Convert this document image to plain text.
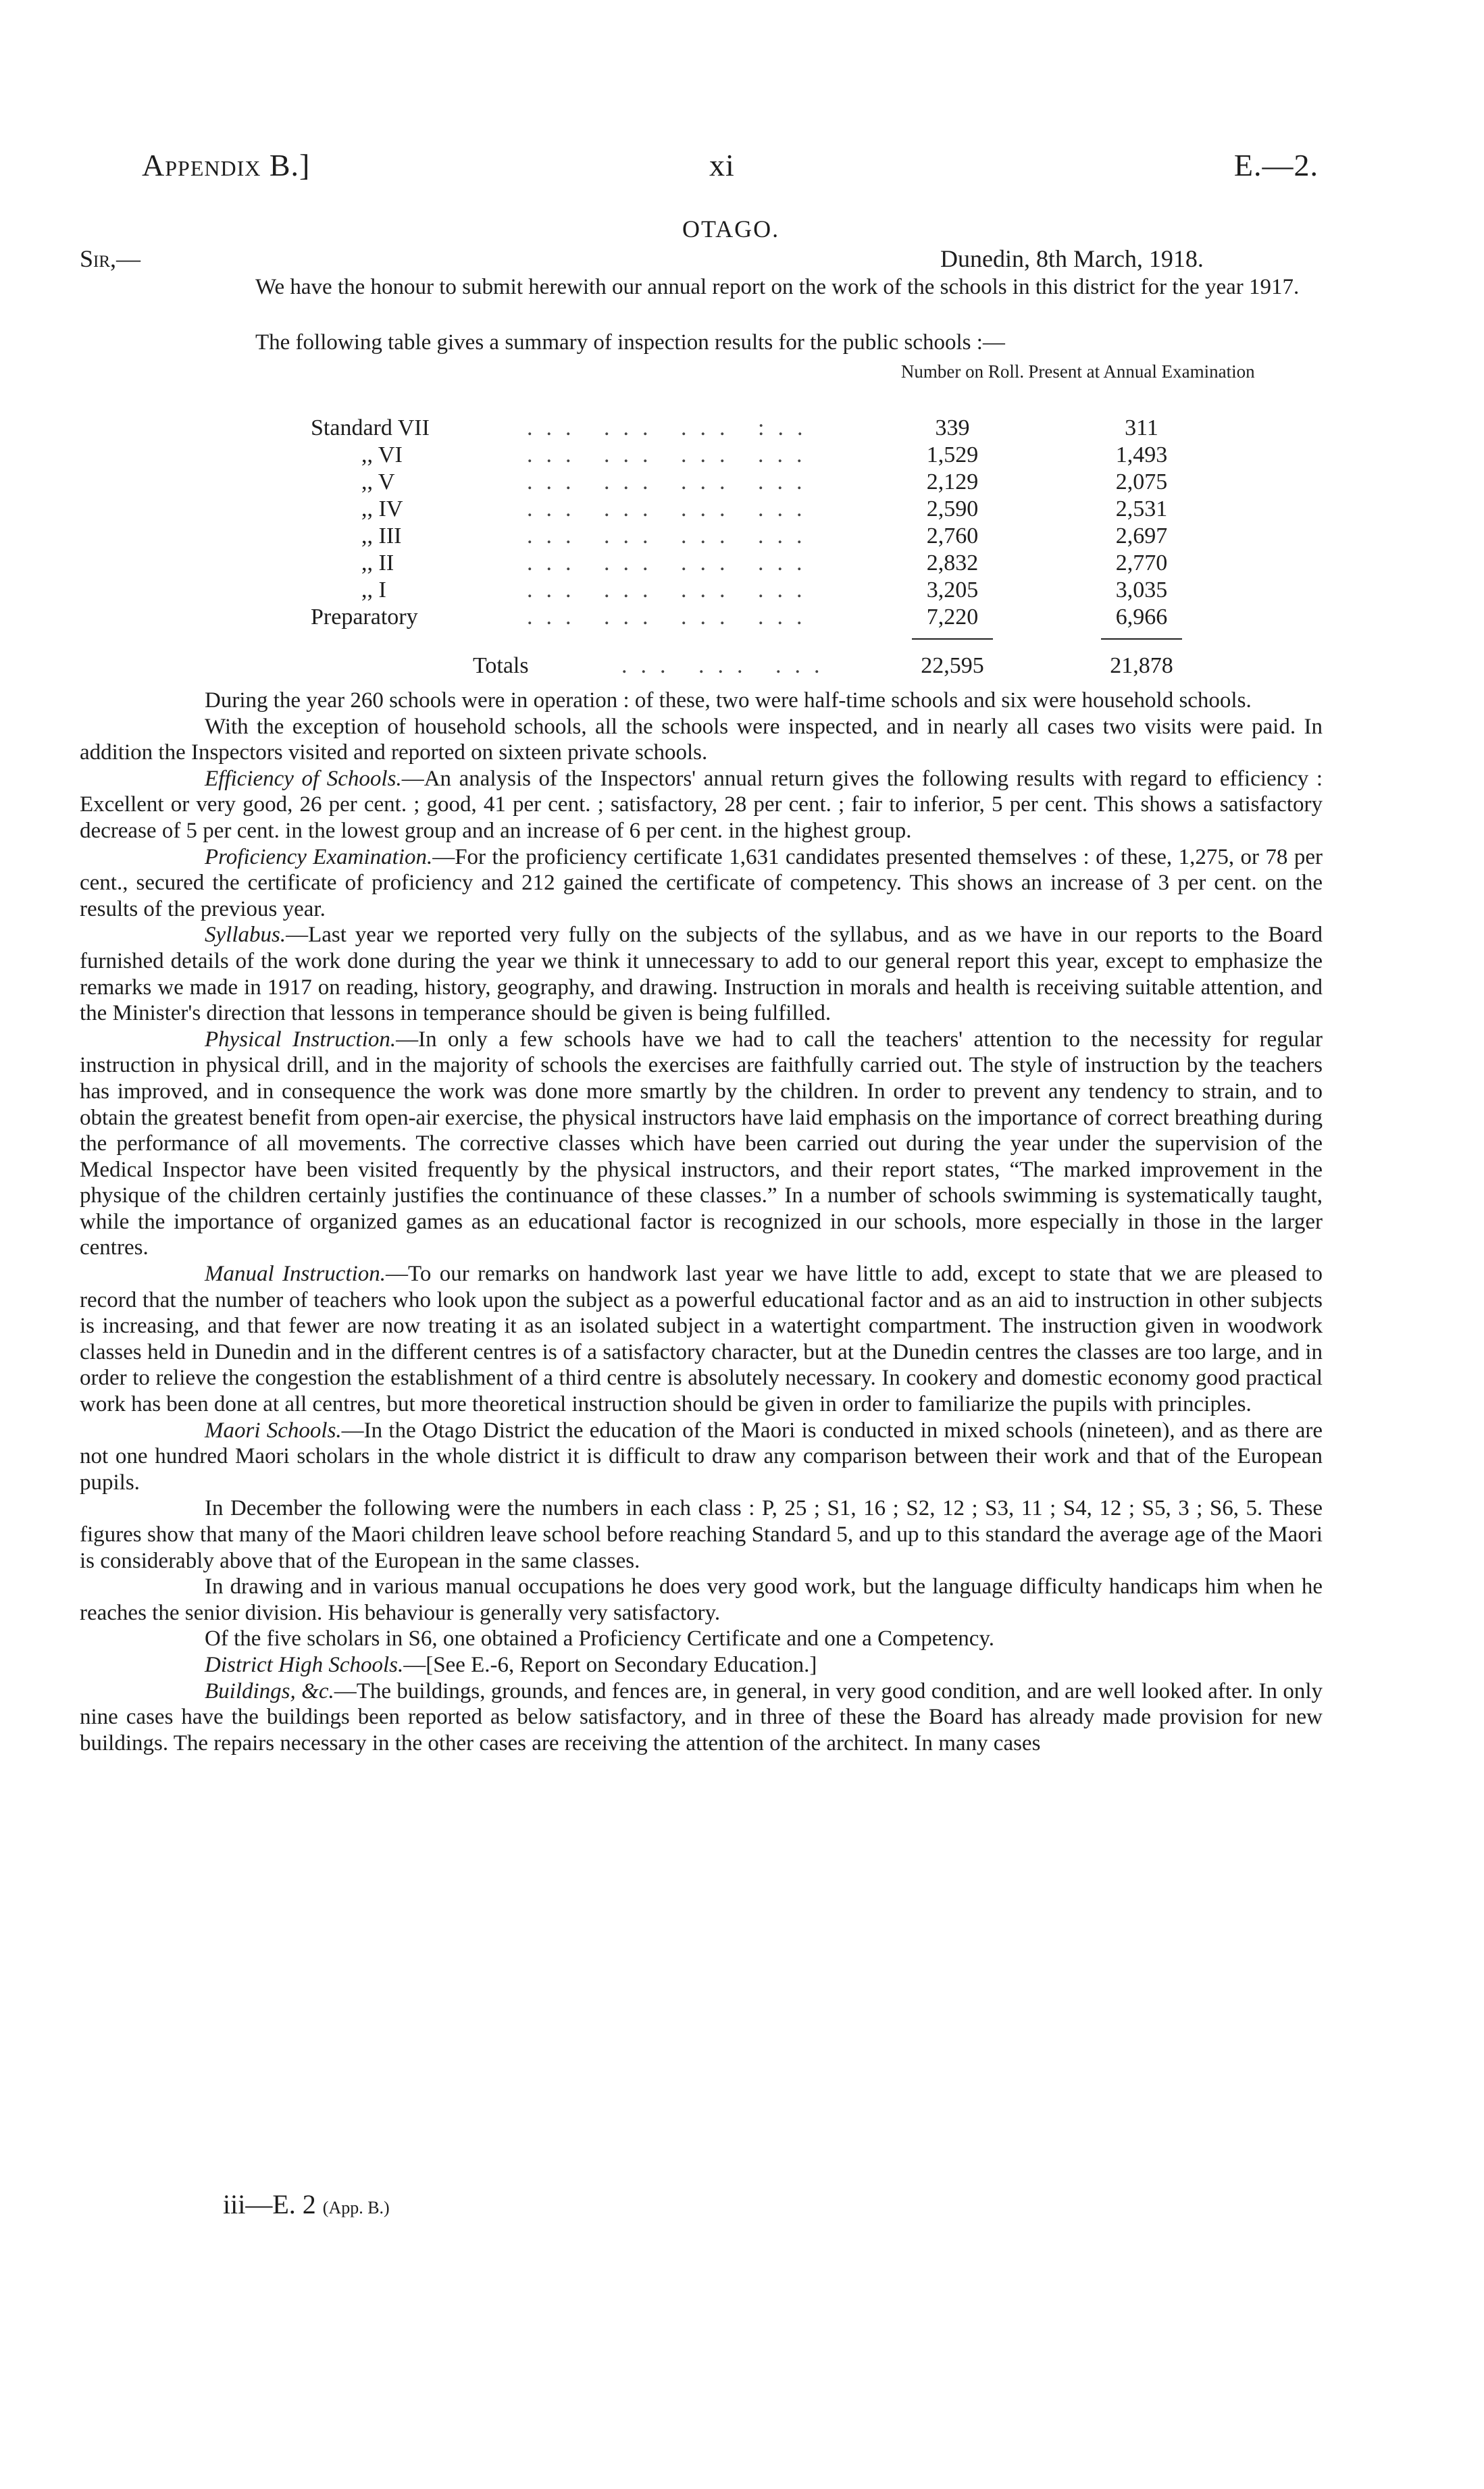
Appendix B.]	xi	E.—2.
OTAGO.
Sir,—	Dunedin, 8th March, 1918.

We have the honour to submit herewith our annual report on the work of the schools in this district for the year 1917.

The following table gives a summary of inspection results for the public schools :—

Number on Roll. Present at Annual Examination
Standard VII	... ... ... :..	339	311
,, VI	... ... ... ...	1,529	1,493
,, V	... ... ... ...	2,129	2,075
,, IV	... ... ... ...	2,590	2,531
,, III	... ... ... ...	2,760	2,697
,, II	... ... ... ...	2,832	2,770
,, I	... ... ... ...	3,205	3,035
Preparatory	... ... ... ...	7,220	6,966
Totals	... ... ...	22,595	21,878

During the year 260 schools were in operation : of these, two were half-time schools and six were household schools.

With the exception of household schools, all the schools were inspected, and in nearly all cases two visits were paid. In addition the Inspectors visited and reported on sixteen private schools.

Efficiency of Schools.—An analysis of the Inspectors' annual return gives the following results with regard to efficiency : Excellent or very good, 26 per cent. ; good, 41 per cent. ; satisfactory, 28 per cent. ; fair to inferior, 5 per cent. This shows a satisfactory decrease of 5 per cent. in the lowest group and an increase of 6 per cent. in the highest group.

Proficiency Examination.—For the proficiency certificate 1,631 candidates presented themselves : of these, 1,275, or 78 per cent., secured the certificate of proficiency and 212 gained the certificate of competency. This shows an increase of 3 per cent. on the results of the previous year.

Syllabus.—Last year we reported very fully on the subjects of the syllabus, and as we have in our reports to the Board furnished details of the work done during the year we think it unnecessary to add to our general report this year, except to emphasize the remarks we made in 1917 on reading, history, geography, and drawing. Instruction in morals and health is receiving suitable attention, and the Minister's direction that lessons in temperance should be given is being fulfilled.

Physical Instruction.—In only a few schools have we had to call the teachers' attention to the necessity for regular instruction in physical drill, and in the majority of schools the exercises are faithfully carried out. The style of instruction by the teachers has improved, and in consequence the work was done more smartly by the children. In order to prevent any tendency to strain, and to obtain the greatest benefit from open-air exercise, the physical instructors have laid emphasis on the importance of correct breathing during the performance of all movements. The corrective classes which have been carried out during the year under the supervision of the Medical Inspector have been visited frequently by the physical instructors, and their report states, “The marked improvement in the physique of the children certainly justifies the continuance of these classes.” In a number of schools swimming is systematically taught, while the importance of organized games as an educational factor is recognized in our schools, more especially in those in the larger centres.

Manual Instruction.—To our remarks on handwork last year we have little to add, except to state that we are pleased to record that the number of teachers who look upon the subject as a powerful educational factor and as an aid to instruction in other subjects is increasing, and that fewer are now treating it as an isolated subject in a watertight compartment. The instruction given in woodwork classes held in Dunedin and in the different centres is of a satisfactory character, but at the Dunedin centres the classes are too large, and in order to relieve the congestion the establishment of a third centre is absolutely necessary. In cookery and domestic economy good practical work has been done at all centres, but more theoretical instruction should be given in order to familiarize the pupils with principles.

Maori Schools.—In the Otago District the education of the Maori is conducted in mixed schools (nineteen), and as there are not one hundred Maori scholars in the whole district it is difficult to draw any comparison between their work and that of the European pupils.

In December the following were the numbers in each class : P, 25 ; S1, 16 ; S2, 12 ; S3, 11 ; S4, 12 ; S5, 3 ; S6, 5. These figures show that many of the Maori children leave school before reaching Standard 5, and up to this standard the average age of the Maori is considerably above that of the European in the same classes.

In drawing and in various manual occupations he does very good work, but the language difficulty handicaps him when he reaches the senior division. His behaviour is generally very satisfactory.

Of the five scholars in S6, one obtained a Proficiency Certificate and one a Competency.

District High Schools.—[See E.-6, Report on Secondary Education.]

Buildings, &c.—The buildings, grounds, and fences are, in general, in very good condition, and are well looked after. In only nine cases have the buildings been reported as below satisfactory, and in three of these the Board has already made provision for new buildings. The repairs necessary in the other cases are receiving the attention of the architect. In many cases

iii—E. 2 (App. B.)
